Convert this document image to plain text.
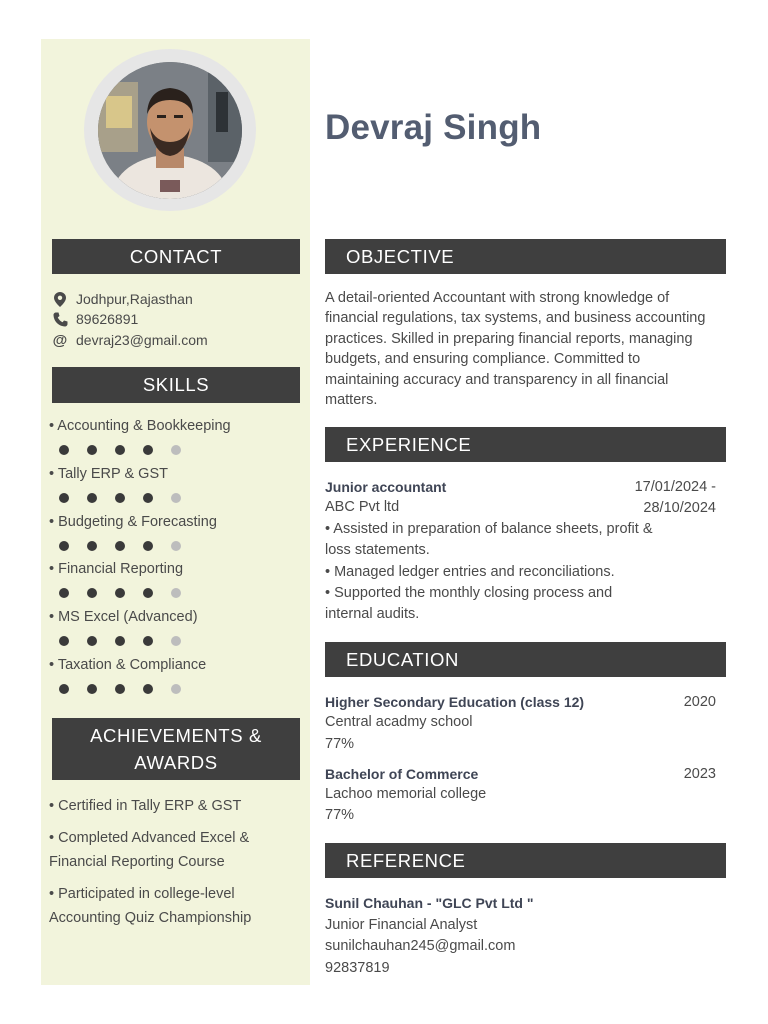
Devraj Singh
CONTACT
Jodhpur,Rajasthan
89626891
@ devraj23@gmail.com
SKILLS
• Accounting & Bookkeeping
• Tally ERP & GST
• Budgeting & Forecasting
• Financial Reporting
• MS Excel (Advanced)
• Taxation & Compliance
ACHIEVEMENTS & AWARDS
• Certified in Tally ERP & GST
• Completed Advanced Excel & Financial Reporting Course
• Participated in college-level Accounting Quiz Championship
OBJECTIVE
A detail-oriented Accountant with strong knowledge of financial regulations, tax systems, and business accounting practices. Skilled in preparing financial reports, managing budgets, and ensuring compliance. Committed to maintaining accuracy and transparency in all financial matters.
EXPERIENCE
Junior accountant	17/01/2024 - 28/10/2024
ABC Pvt ltd
• Assisted in preparation of balance sheets, profit & loss statements.
• Managed ledger entries and reconciliations.
• Supported the monthly closing process and internal audits.
EDUCATION
Higher Secondary Education (class 12)	2020
Central acadmy school
77%
Bachelor of Commerce	2023
Lachoo memorial college
77%
REFERENCE
Sunil Chauhan - "GLC Pvt Ltd "
Junior Financial Analyst
sunilchauhan245@gmail.com
92837819
